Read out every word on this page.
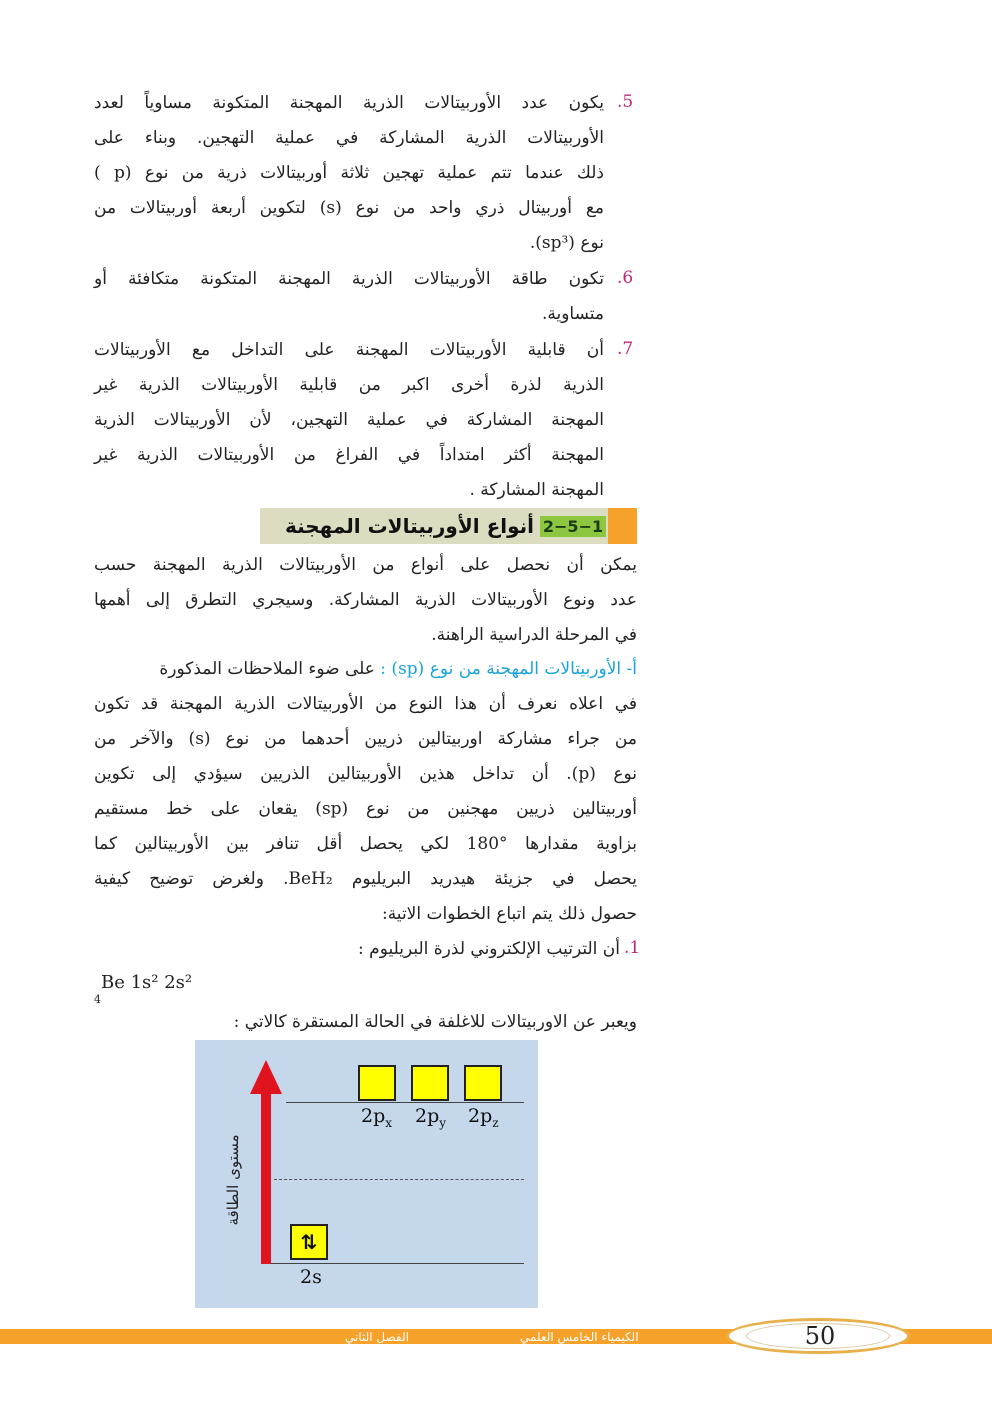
.5
يكون عدد الأوربيتالات الذرية المهجنة المتكونة مساوياً لعدد
الأوربيتالات الذرية المشاركة في عملية التهجين. وبناء على
ذلك عندما تتم عملية تهجين ثلاثة أوربيتالات ذرية من نوع (p )
مع أوربيتال ذري واحد من نوع (s) لتكوين أربعة أوربيتالات من
نوع (sp³).
.6
تكون طاقة الأوربيتالات الذرية المهجنة المتكونة متكافئة أو
متساوية.
.7
أن قابلية الأوربيتالات المهجنة على التداخل مع الأوربيتالات
الذرية لذرة أخرى اكبر من قابلية الأوربيتالات الذرية غير
المهجنة المشاركة في عملية التهجين، لأن الأوربيتالات الذرية
المهجنة أكثر امتداداً في الفراغ من الأوربيتالات الذرية غير
المهجنة المشاركة .
2−5−1
أنواع الأوربيتالات المهجنة
يمكن أن نحصل على أنواع من الأوربيتالات الذرية المهجنة حسب
عدد ونوع الأوربيتالات الذرية المشاركة. وسيجري التطرق إلى أهمها
في المرحلة الدراسية الراهنة.
أ- الأوربيتالات المهجنة من نوع (sp) : على ضوء الملاحظات المذكورة
في اعلاه نعرف أن هذا النوع من الأوربيتالات الذرية المهجنة قد تكون
من جراء مشاركة اوربيتالين ذريين أحدهما من نوع (s) والآخر من
نوع (p). أن تداخل هذين الأوربيتالين الذريين سيؤدي إلى تكوين
أوربيتالين ذريين مهجنين من نوع (sp) يقعان على خط مستقيم
بزاوية مقدارها °180 لكي يحصل أقل تنافر بين الأوربيتالين كما
يحصل في جزيئة هيدريد البريليوم BeH₂. ولغرض توضيح كيفية
حصول ذلك يتم اتباع الخطوات الاتية:
.1
أن الترتيب الإلكتروني لذرة البريليوم :
$_4$Be 1s² 2s²
ويعبر عن الاوربيتالات للاغلفة في الحالة المستقرة كالاتي :
مستوى الطاقة
$2p_x$ $2p_y$ $2p_z$
⇅
2s
50
الكيمياء الخامس العلمي
الفصل الثاني
